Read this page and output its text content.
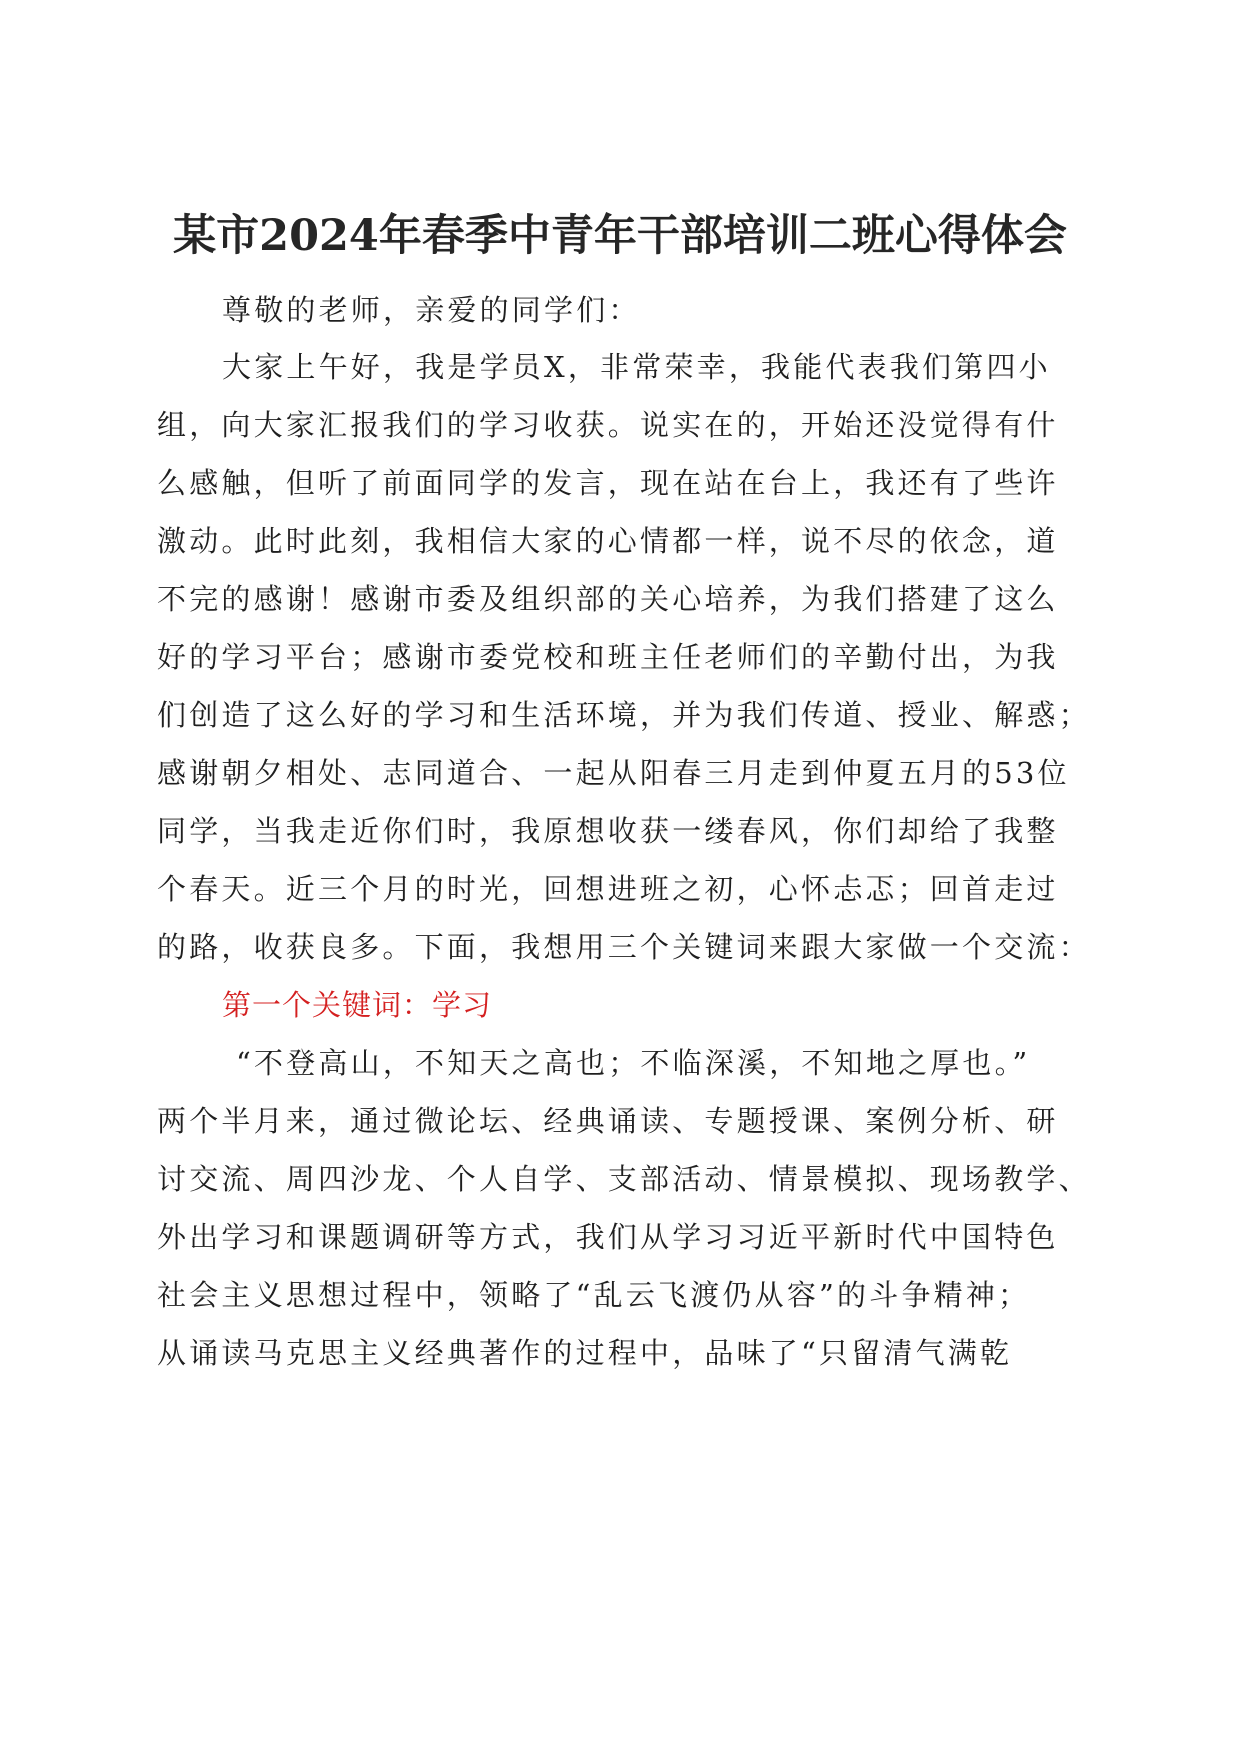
某市2024年春季中青年干部培训二班心得体会

尊敬的老师，亲爱的同学们：

大家上午好，我是学员X，非常荣幸，我能代表我们第四小

组，向大家汇报我们的学习收获。说实在的，开始还没觉得有什

么感触，但听了前面同学的发言，现在站在台上，我还有了些许

激动。此时此刻，我相信大家的心情都一样，说不尽的依念，道

不完的感谢！感谢市委及组织部的关心培养，为我们搭建了这么

好的学习平台；感谢市委党校和班主任老师们的辛勤付出，为我

们创造了这么好的学习和生活环境，并为我们传道、授业、解惑；

感谢朝夕相处、志同道合、一起从阳春三月走到仲夏五月的53位

同学，当我走近你们时，我原想收获一缕春风，你们却给了我整

个春天。近三个月的时光，回想进班之初，心怀忐忑；回首走过

的路，收获良多。下面，我想用三个关键词来跟大家做一个交流：

第一个关键词：学习

“不登高山，不知天之高也；不临深溪，不知地之厚也。”

两个半月来，通过微论坛、经典诵读、专题授课、案例分析、研

讨交流、周四沙龙、个人自学、支部活动、情景模拟、现场教学、

外出学习和课题调研等方式，我们从学习习近平新时代中国特色

社会主义思想过程中，领略了“乱云飞渡仍从容”的斗争精神；

从诵读马克思主义经典著作的过程中，品味了“只留清气满乾
